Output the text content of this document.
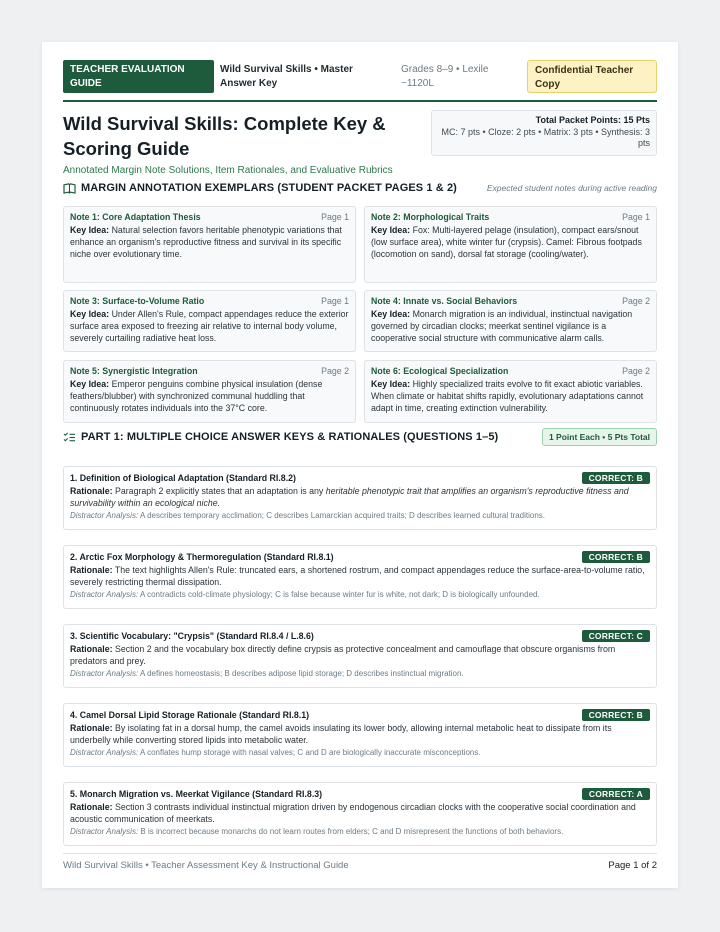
TEACHER EVALUATION GUIDE
Wild Survival Skills • Master Answer Key
Grades 8–9 • Lexile ~1120L
Confidential Teacher Copy
Wild Survival Skills: Complete Key & Scoring Guide
Annotated Margin Note Solutions, Item Rationales, and Evaluative Rubrics
Total Packet Points: 15 Pts
MC: 7 pts • Cloze: 2 pts • Matrix: 3 pts • Synthesis: 3 pts
MARGIN ANNOTATION EXEMPLARS (STUDENT PACKET PAGES 1 & 2)	Expected student notes during active reading
Note 1: Core Adaptation Thesis	Page 1
Key Idea: Natural selection favors heritable phenotypic variations that enhance an organism's reproductive fitness and survival in its specific niche over evolutionary time.
Note 2: Morphological Traits	Page 1
Key Idea: Fox: Multi-layered pelage (insulation), compact ears/snout (low surface area), white winter fur (crypsis). Camel: Fibrous footpads (locomotion on sand), dorsal fat storage (cooling/water).
Note 3: Surface-to-Volume Ratio	Page 1
Key Idea: Under Allen's Rule, compact appendages reduce the exterior surface area exposed to freezing air relative to internal body volume, severely curtailing radiative heat loss.
Note 4: Innate vs. Social Behaviors	Page 2
Key Idea: Monarch migration is an individual, instinctual navigation governed by circadian clocks; meerkat sentinel vigilance is a cooperative social structure with communicative alarm calls.
Note 5: Synergistic Integration	Page 2
Key Idea: Emperor penguins combine physical insulation (dense feathers/blubber) with synchronized communal huddling that continuously rotates individuals into the 37°C core.
Note 6: Ecological Specialization	Page 2
Key Idea: Highly specialized traits evolve to fit exact abiotic variables. When climate or habitat shifts rapidly, evolutionary adaptations cannot adapt in time, creating extinction vulnerability.
PART 1: MULTIPLE CHOICE ANSWER KEYS & RATIONALES (QUESTIONS 1–5)	1 Point Each • 5 Pts Total
1. Definition of Biological Adaptation (Standard RI.8.2)	CORRECT: B
Rationale: Paragraph 2 explicitly states that an adaptation is any heritable phenotypic trait that amplifies an organism's reproductive fitness and survivability within an ecological niche.
Distractor Analysis: A describes temporary acclimation; C describes Lamarckian acquired traits; D describes learned cultural traditions.
2. Arctic Fox Morphology & Thermoregulation (Standard RI.8.1)	CORRECT: B
Rationale: The text highlights Allen's Rule: truncated ears, a shortened rostrum, and compact appendages reduce the surface-area-to-volume ratio, severely restricting thermal dissipation.
Distractor Analysis: A contradicts cold-climate physiology; C is false because winter fur is white, not dark; D is biologically unfounded.
3. Scientific Vocabulary: "Crypsis" (Standard RI.8.4 / L.8.6)	CORRECT: C
Rationale: Section 2 and the vocabulary box directly define crypsis as protective concealment and camouflage that obscure organisms from predators and prey.
Distractor Analysis: A defines homeostasis; B describes adipose lipid storage; D describes instinctual migration.
4. Camel Dorsal Lipid Storage Rationale (Standard RI.8.1)	CORRECT: B
Rationale: By isolating fat in a dorsal hump, the camel avoids insulating its lower body, allowing internal metabolic heat to dissipate from its underbelly while converting stored lipids into metabolic water.
Distractor Analysis: A conflates hump storage with nasal valves; C and D are biologically inaccurate misconceptions.
5. Monarch Migration vs. Meerkat Vigilance (Standard RI.8.3)	CORRECT: A
Rationale: Section 3 contrasts individual instinctual migration driven by endogenous circadian clocks with the cooperative social coordination and acoustic communication of meerkats.
Distractor Analysis: B is incorrect because monarchs do not learn routes from elders; C and D misrepresent the functions of both behaviors.
Wild Survival Skills • Teacher Assessment Key & Instructional Guide	Page 1 of 2
